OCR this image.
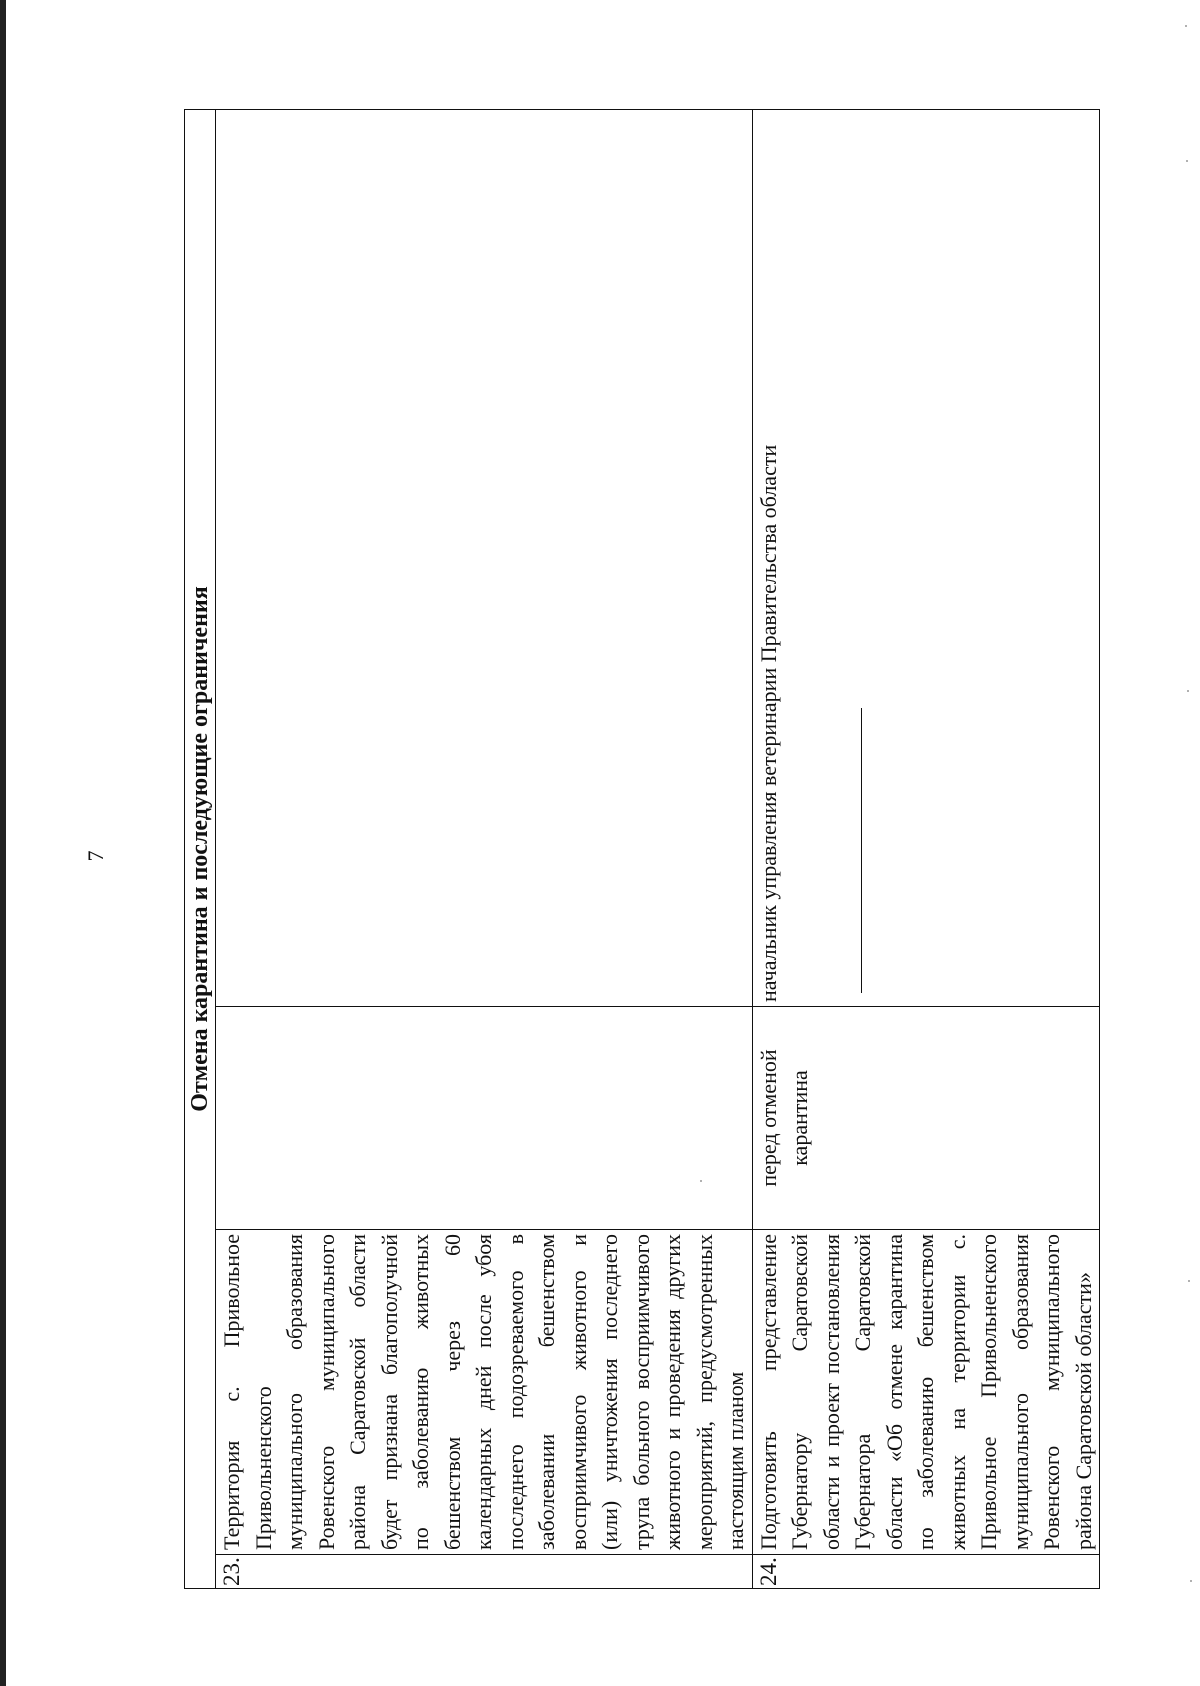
7	Отмена карантина и последующие ограничения			
23.	Территория с. Привольное Привольненского муниципального образования Ровенского муниципального района Саратовской области будет признана благополучной по заболеванию животных бешенством через 60 календарных дней после убоя последнего подозреваемого в заболевании бешенством восприимчивого животного и (или) уничтожения последнего трупа больного восприимчивого животного и проведения других мероприятий, предусмотренных настоящим планом		
24.	Подготовить представление Губернатору Саратовской области и проект постановления Губернатора Саратовской области «Об отмене карантина по заболеванию бешенством животных на территории с. Привольное Привольненского муниципального образования Ровенского муниципального района Саратовской области»	перед отменой карантина	начальник управления ветеринарии Правительства области
